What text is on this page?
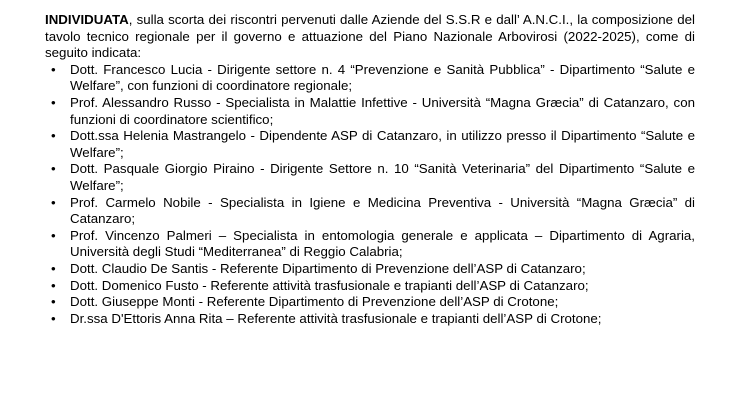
INDIVIDUATA, sulla scorta dei riscontri pervenuti dalle Aziende del S.S.R e dall’ A.N.C.I., la composizione del tavolo tecnico regionale per il governo e attuazione del Piano Nazionale Arbovirosi (2022-2025), come di seguito indicata:

• Dott. Francesco Lucia - Dirigente settore n. 4 “Prevenzione e Sanità Pubblica” - Dipartimento “Salute e Welfare”, con funzioni di coordinatore regionale;
• Prof. Alessandro Russo - Specialista in Malattie Infettive - Università “Magna Græcia” di Catanzaro, con funzioni di coordinatore scientifico;
• Dott.ssa Helenia Mastrangelo - Dipendente ASP di Catanzaro, in utilizzo presso il Dipartimento “Salute e Welfare”;
• Dott. Pasquale Giorgio Piraino - Dirigente Settore n. 10 “Sanità Veterinaria” del Dipartimento “Salute e Welfare”;
• Prof. Carmelo Nobile - Specialista in Igiene e Medicina Preventiva - Università “Magna Græcia” di Catanzaro;
• Prof. Vincenzo Palmeri – Specialista in entomologia generale e applicata – Dipartimento di Agraria, Università degli Studi “Mediterranea” di Reggio Calabria;
• Dott. Claudio De Santis - Referente Dipartimento di Prevenzione dell’ASP di Catanzaro;
• Dott. Domenico Fusto - Referente attività trasfusionale e trapianti dell’ASP di Catanzaro;
• Dott. Giuseppe Monti - Referente Dipartimento di Prevenzione dell’ASP di Crotone;
• Dr.ssa D'Ettoris Anna Rita – Referente attività trasfusionale e trapianti dell’ASP di Crotone;
